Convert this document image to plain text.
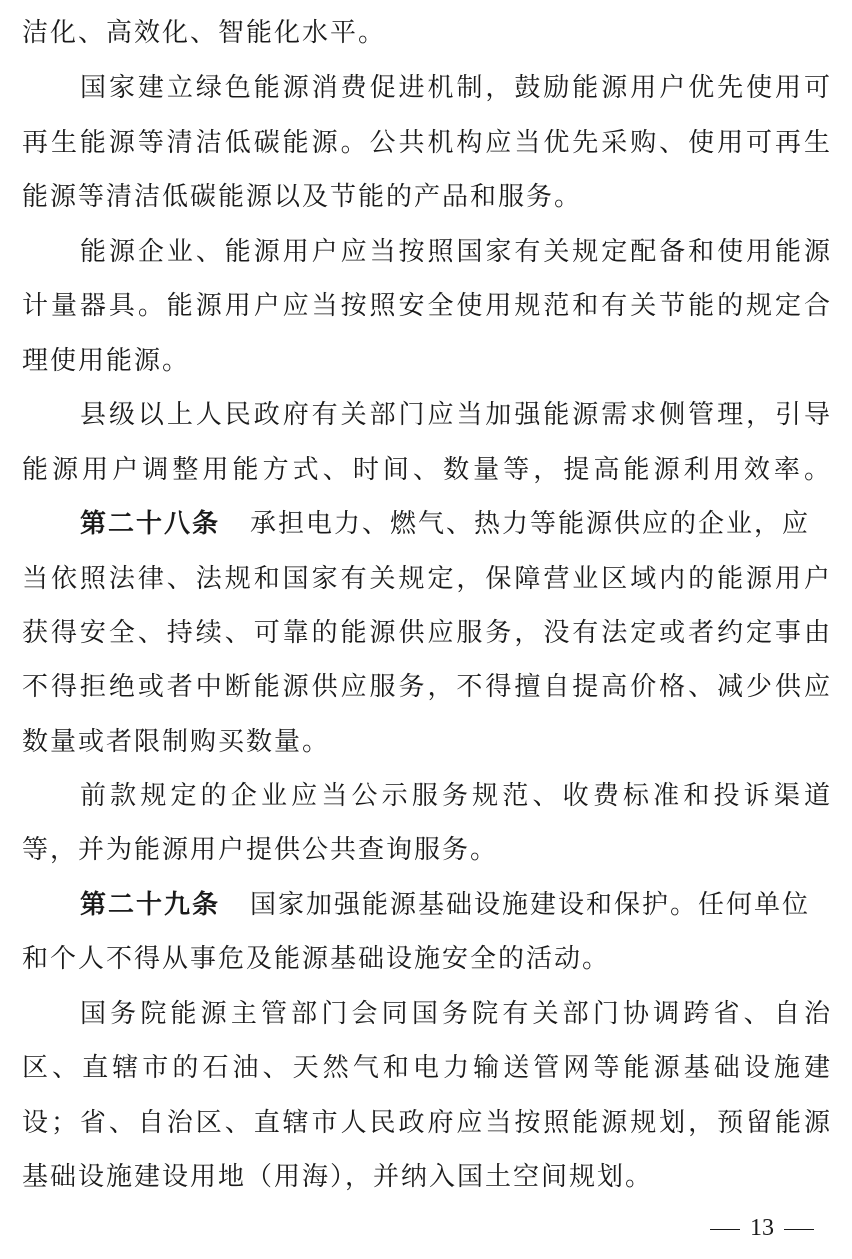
洁化、高效化、智能化水平。
国家建立绿色能源消费促进机制，鼓励能源用户优先使用可
再生能源等清洁低碳能源。公共机构应当优先采购、使用可再生
能源等清洁低碳能源以及节能的产品和服务。
能源企业、能源用户应当按照国家有关规定配备和使用能源
计量器具。能源用户应当按照安全使用规范和有关节能的规定合
理使用能源。
县级以上人民政府有关部门应当加强能源需求侧管理，引导
能源用户调整用能方式、时间、数量等，提高能源利用效率。
第二十八条 承担电力、燃气、热力等能源供应的企业，应
当依照法律、法规和国家有关规定，保障营业区域内的能源用户
获得安全、持续、可靠的能源供应服务，没有法定或者约定事由
不得拒绝或者中断能源供应服务，不得擅自提高价格、减少供应
数量或者限制购买数量。
前款规定的企业应当公示服务规范、收费标准和投诉渠道
等，并为能源用户提供公共查询服务。
第二十九条 国家加强能源基础设施建设和保护。任何单位
和个人不得从事危及能源基础设施安全的活动。
国务院能源主管部门会同国务院有关部门协调跨省、自治
区、直辖市的石油、天然气和电力输送管网等能源基础设施建
设；省、自治区、直辖市人民政府应当按照能源规划，预留能源
基础设施建设用地（用海），并纳入国土空间规划。
13
